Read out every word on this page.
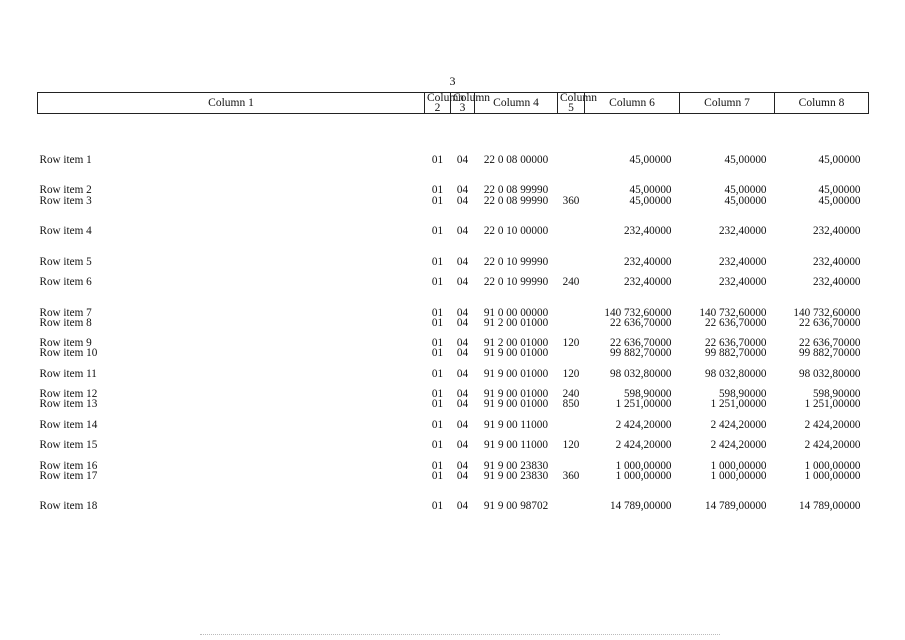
3
Column 1	Column 2	Column 3	Column 4	Column 5	Column 6	Column 7	Column 8
Row item 1	01	04	22 0 08 00000		45,00000	45,00000	45,00000
Row item 2	01	04	22 0 08 99990		45,00000	45,00000	45,00000
Row item 3	01	04	22 0 08 99990	360	45,00000	45,00000	45,00000
Row item 4	01	04	22 0 10 00000		232,40000	232,40000	232,40000
Row item 5	01	04	22 0 10 99990		232,40000	232,40000	232,40000
Row item 6	01	04	22 0 10 99990	240	232,40000	232,40000	232,40000
Row item 7	01	04	91 0 00 00000		140 732,60000	140 732,60000	140 732,60000
Row item 8	01	04	91 2 00 01000		22 636,70000	22 636,70000	22 636,70000
Row item 9	01	04	91 2 00 01000	120	22 636,70000	22 636,70000	22 636,70000
Row item 10	01	04	91 9 00 01000		99 882,70000	99 882,70000	99 882,70000
Row item 11	01	04	91 9 00 01000	120	98 032,80000	98 032,80000	98 032,80000
Row item 12	01	04	91 9 00 01000	240	598,90000	598,90000	598,90000
Row item 13	01	04	91 9 00 01000	850	1 251,00000	1 251,00000	1 251,00000
Row item 14	01	04	91 9 00 11000		2 424,20000	2 424,20000	2 424,20000
Row item 15	01	04	91 9 00 11000	120	2 424,20000	2 424,20000	2 424,20000
Row item 16	01	04	91 9 00 23830		1 000,00000	1 000,00000	1 000,00000
Row item 17	01	04	91 9 00 23830	360	1 000,00000	1 000,00000	1 000,00000
Row item 18	01	04	91 9 00 98702		14 789,00000	14 789,00000	14 789,00000
